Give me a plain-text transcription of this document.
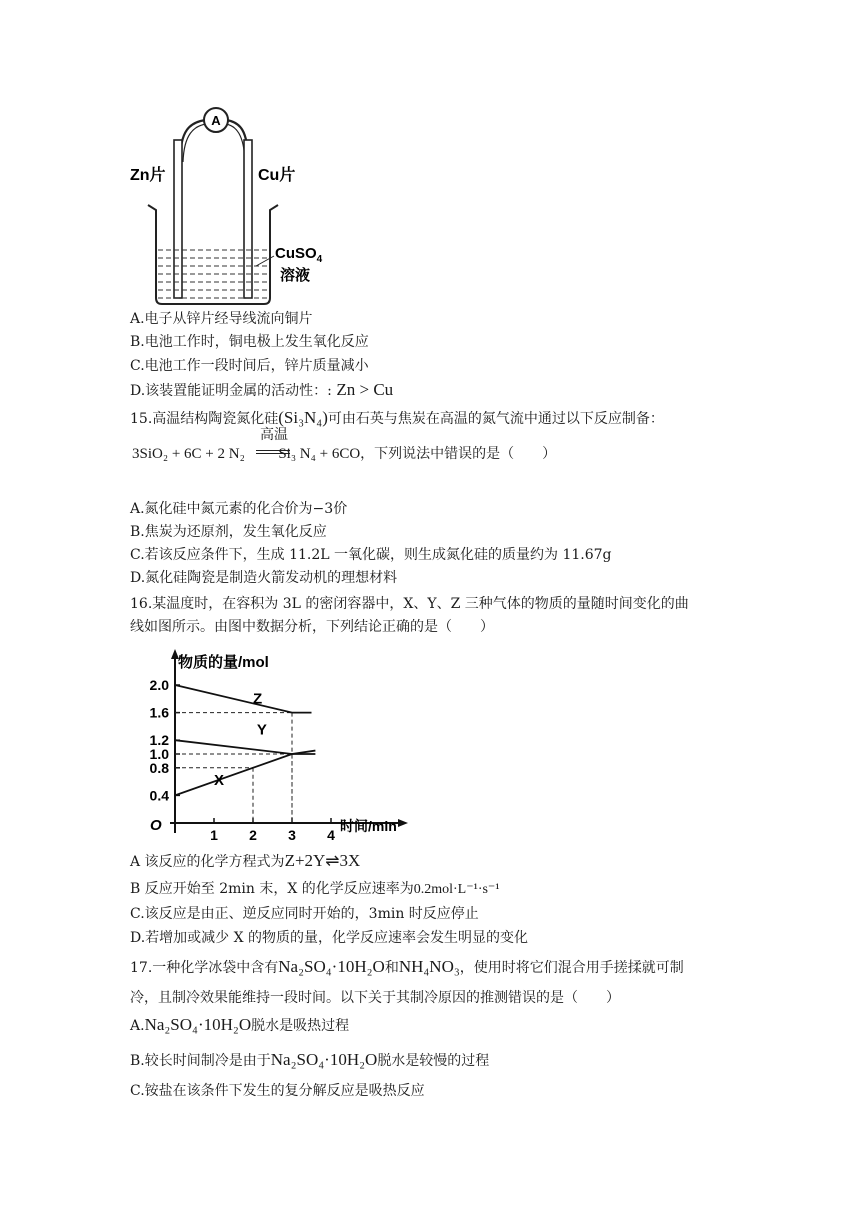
A
Zn片	Cu片
CuSO$_4$
溶液
A.电子从锌片经导线流向铜片
B.电池工作时，铜电极上发生氧化反应
C.电池工作一段时间后，锌片质量减小
D.该装置能证明金属的活动性：: Zn > Cu
15.高温结构陶瓷氮化硅(Si₃N₄)可由石英与焦炭在高温的氮气流中通过以下反应制备：
高温
3SiO₂ + 6C + 2 N₂ Si₃ N₄ + 6CO，下列说法中错误的是（　　）
A.氮化硅中氮元素的化合价为−3价
B.焦炭为还原剂，发生氧化反应
C.若该反应条件下，生成 11.2L 一氧化碳，则生成氮化硅的质量约为 11.67g
D.氮化硅陶瓷是制造火箭发动机的理想材料
16.某温度时，在容积为 3L 的密闭容器中，X、Y、Z 三种气体的物质的量随时间变化的曲
线如图所示。由图中数据分析，下列结论正确的是（　　）
物质的量/mol
时间/min
O
2.0
1.6
1.2
1.0
0.8
0.4
1 2 3 4
Z
Y
X
A 该反应的化学方程式为Z+2Y⇌3X
B 反应开始至 2min 末，X 的化学反应速率为0.2mol·L⁻¹·s⁻¹
C.该反应是由正、逆反应同时开始的，3min 时反应停止
D.若增加或减少 X 的物质的量，化学反应速率会发生明显的变化
17.一种化学冰袋中含有Na₂SO₄·10H₂O和NH₄NO₃，使用时将它们混合用手搓揉就可制
冷，且制冷效果能维持一段时间。以下关于其制冷原因的推测错误的是（　　）
A.Na₂SO₄·10H₂O脱水是吸热过程
B.较长时间制冷是由于Na₂SO₄·10H₂O脱水是较慢的过程
C.铵盐在该条件下发生的复分解反应是吸热反应
